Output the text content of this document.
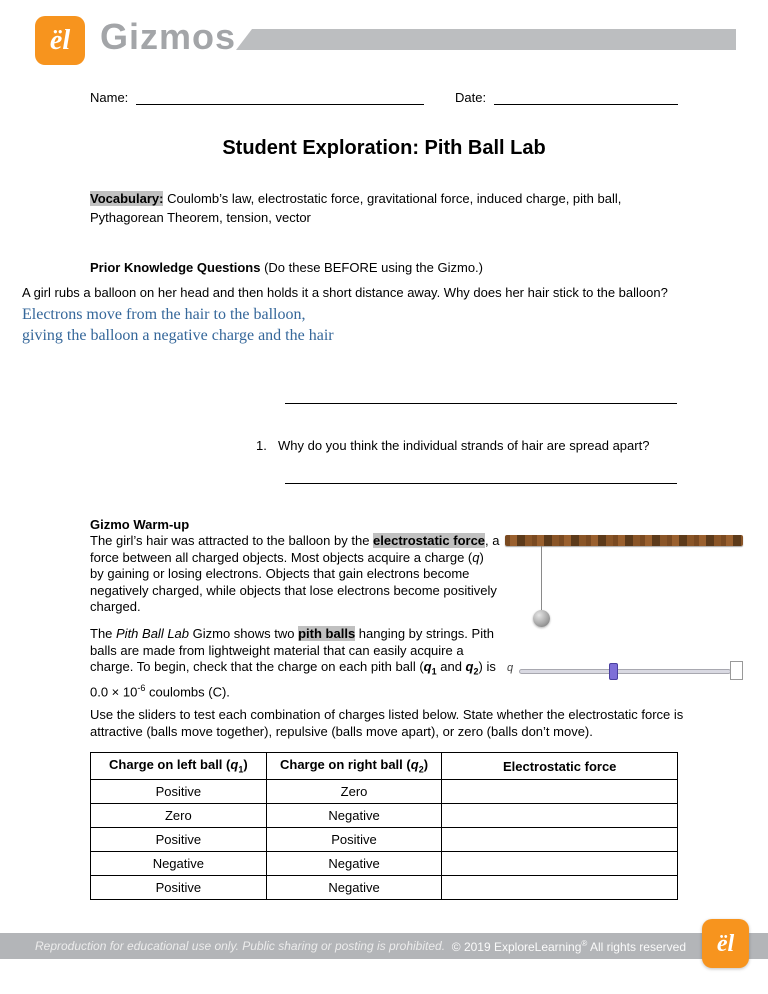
ël Gizmos
Name:	Date:
Student Exploration: Pith Ball Lab
Vocabulary: Coulomb’s law, electrostatic force, gravitational force, induced charge, pith ball, Pythagorean Theorem, tension, vector
Prior Knowledge Questions (Do these BEFORE using the Gizmo.)
A girl rubs a balloon on her head and then holds it a short distance away. Why does her hair stick to the balloon?
Electrons move from the hair to the balloon,
giving the balloon a negative charge and the hair
1. Why do you think the individual strands of hair are spread apart?
Gizmo Warm-up
The girl’s hair was attracted to the balloon by the electrostatic force, a force between all charged objects. Most objects acquire a charge (q) by gaining or losing electrons. Objects that gain electrons become negatively charged, while objects that lose electrons become positively charged.
The Pith Ball Lab Gizmo shows two pith balls hanging by strings. Pith balls are made from lightweight material that can easily acquire a charge. To begin, check that the charge on each pith ball ($q_1$ and $q_2$) is $0.0 \times 10^{-6}$ coulombs (C).
Use the sliders to test each combination of charges listed below. State whether the electrostatic force is attractive (balls move together), repulsive (balls move apart), or zero (balls don’t move).
q
Charge on left ball $(q_1)$	Charge on right ball $(q_2)$	Electrostatic force
Positive	Zero	
Zero	Negative	
Positive	Positive	
Negative	Negative	
Positive	Negative	
Reproduction for educational use only. Public sharing or posting is prohibited. © 2019 ExploreLearning® All rights reserved ël
